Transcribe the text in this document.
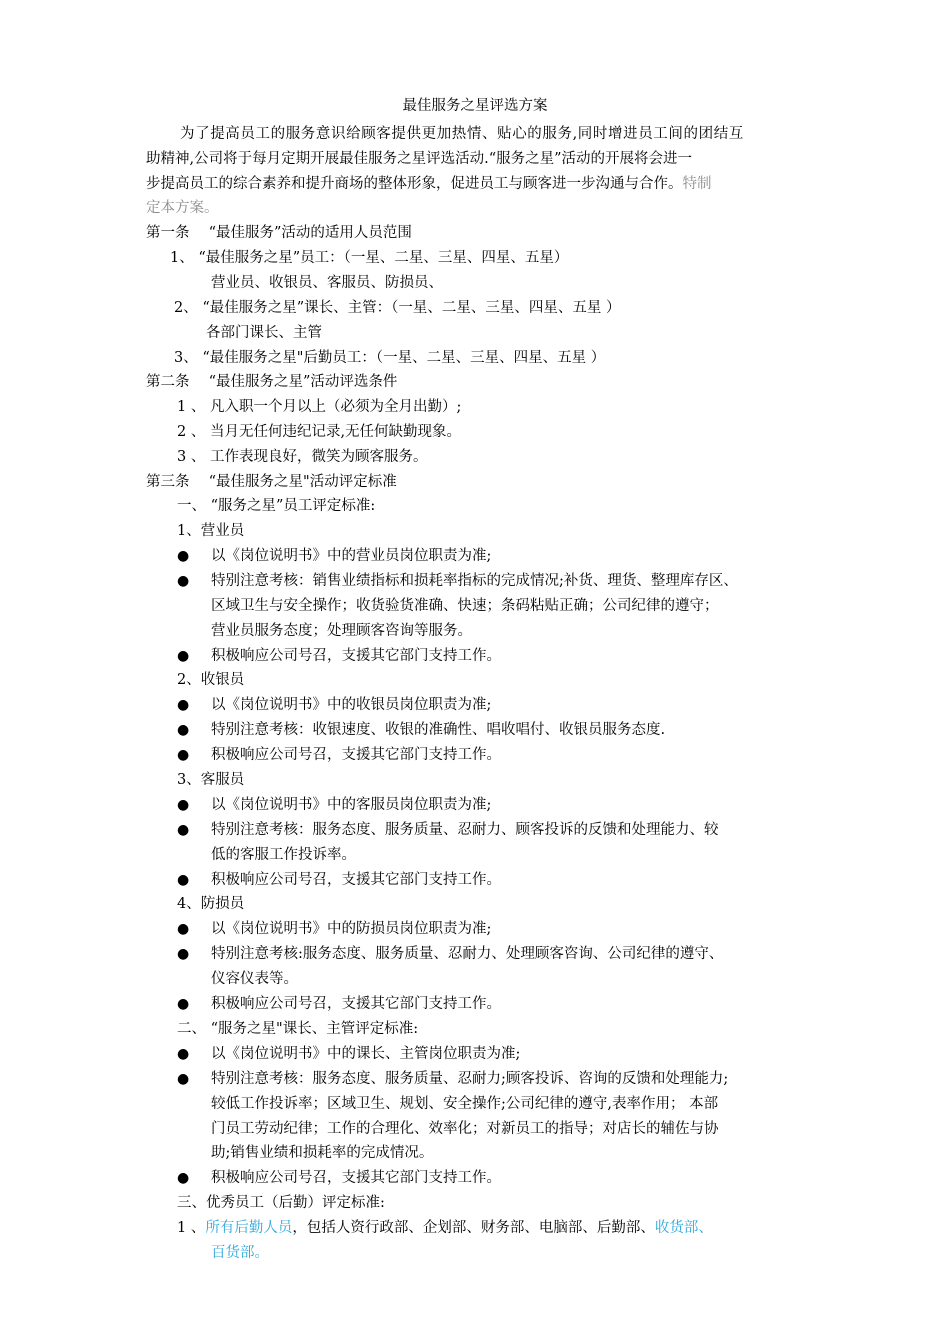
最佳服务之星评选方案
为了提高员工的服务意识给顾客提供更加热情、贴心的服务,同时增进员工间的团结互
助精神,公司将于每月定期开展最佳服务之星评选活动.“服务之星”活动的开展将会进一
步提高员工的综合素养和提升商场的整体形象，促进员工与顾客进一步沟通与合作。特制
定本方案。
第一条　 “最佳服务”活动的适用人员范围
1、 “最佳服务之星”员工：（一星、二星、三星、四星、五星）
营业员、收银员、客服员、防损员、
2、 “最佳服务之星”课长、主管：（一星、二星、三星、四星、五星 ）
各部门课长、主管
3、 “最佳服务之星"后勤员工：（一星、二星、三星、四星、五星 ）
第二条　 “最佳服务之星”活动评选条件
1 、 凡入职一个月以上（必须为全月出勤）;
2 、 当月无任何违纪记录,无任何缺勤现象。
3 、 工作表现良好，微笑为顾客服务。
第三条　 “最佳服务之星"活动评定标准
一、 “服务之星”员工评定标准:
1、营业员
● 以《岗位说明书》中的营业员岗位职责为准;
● 特别注意考核：销售业绩指标和损耗率指标的完成情况;补货、理货、整理库存区、
区域卫生与安全操作；收货验货准确、快速；条码粘贴正确；公司纪律的遵守；
营业员服务态度；处理顾客咨询等服务。
● 积极响应公司号召，支援其它部门支持工作。
2、收银员
● 以《岗位说明书》中的收银员岗位职责为准;
● 特别注意考核：收银速度、收银的准确性、唱收唱付、收银员服务态度.
● 积极响应公司号召，支援其它部门支持工作。
3、客服员
● 以《岗位说明书》中的客服员岗位职责为准;
● 特别注意考核：服务态度、服务质量、忍耐力、顾客投诉的反馈和处理能力、较
低的客服工作投诉率。
● 积极响应公司号召，支援其它部门支持工作。
4、防损员
● 以《岗位说明书》中的防损员岗位职责为准;
● 特别注意考核:服务态度、服务质量、忍耐力、处理顾客咨询、公司纪律的遵守、
仪容仪表等。
● 积极响应公司号召，支援其它部门支持工作。
二、 “服务之星"课长、主管评定标准:
● 以《岗位说明书》中的课长、主管岗位职责为准;
● 特别注意考核：服务态度、服务质量、忍耐力;顾客投诉、咨询的反馈和处理能力;
较低工作投诉率；区域卫生、规划、安全操作;公司纪律的遵守,表率作用； 本部
门员工劳动纪律；工作的合理化、效率化；对新员工的指导；对店长的辅佐与协
助;销售业绩和损耗率的完成情况。
● 积极响应公司号召，支援其它部门支持工作。
三、优秀员工（后勤）评定标准:
1 、所有后勤人员，包括人资行政部、企划部、财务部、电脑部、后勤部、收货部、
百货部。
